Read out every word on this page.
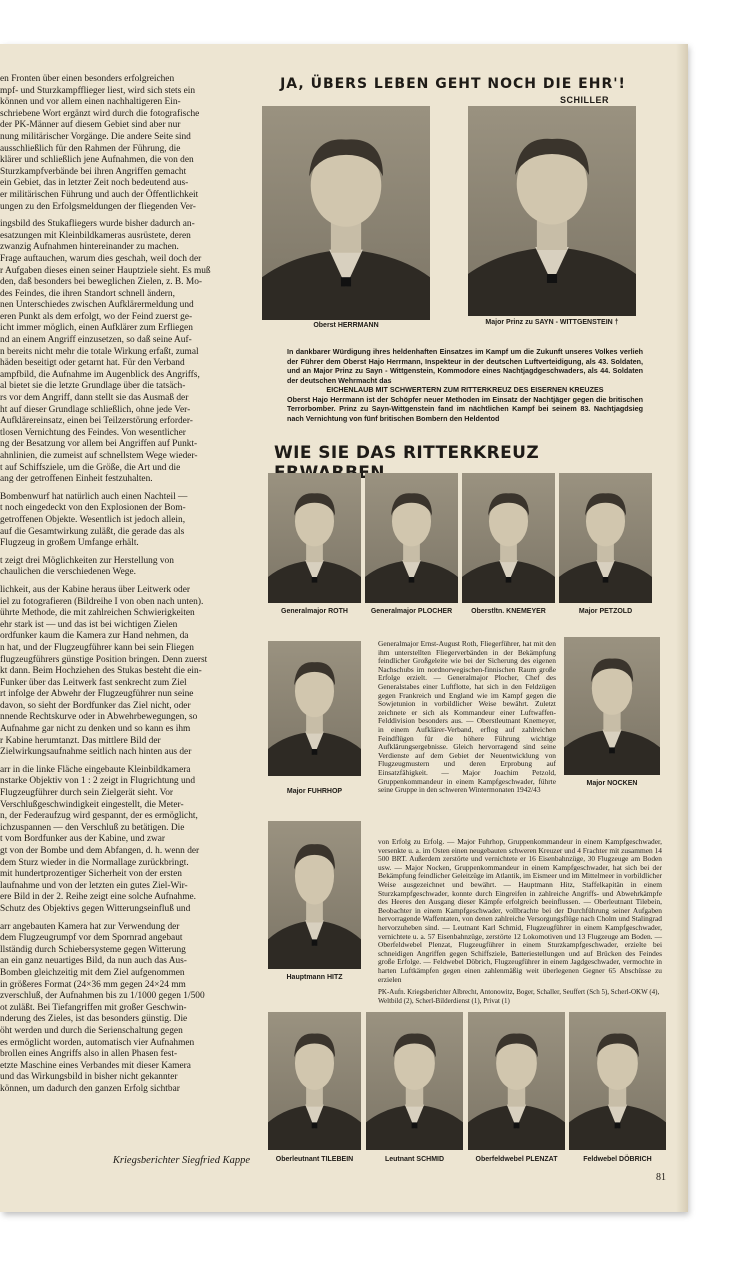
en Fronten über einen besonders erfolgreichen
mpf- und Sturzkampfflieger liest, wird sich stets ein
können und vor allem einen nachhaltigeren Ein-
schriebene Wort ergänzt wird durch die fotografische
der PK-Männer auf diesem Gebiet sind aber nur
nung militärischer Vorgänge. Die andere Seite sind
ausschließlich für den Rahmen der Führung, die
klärer und schließlich jene Aufnahmen, die von den
Sturzkampfverbände bei ihren Angriffen gemacht
ein Gebiet, das in letzter Zeit noch bedeutend aus-
er militärischen Führung und auch der Öffentlichkeit
ungen zu den Erfolgsmeldungen der fliegenden Ver-
ingsbild des Stukafliegers wurde bisher dadurch an-
esatzungen mit Kleinbildkameras ausrüstete, deren
zwanzig Aufnahmen hintereinander zu machen.
Frage auftauchen, warum dies geschah, weil doch der
r Aufgaben dieses einen seiner Hauptziele sieht. Es muß
den, daß besonders bei beweglichen Zielen, z. B. Mo-
des Feindes, die ihren Standort schnell ändern,
nen Unterschiedes zwischen Aufklärermeldung und
eren Punkt als dem erfolgt, wo der Feind zuerst ge-
icht immer möglich, einen Aufklärer zum Erfliegen
nd an einem Angriff einzusetzen, so daß seine Auf-
n bereits nicht mehr die totale Wirkung erfaßt, zumal
häden beseitigt oder getarnt hat. Für den Verband
ampfbild, die Aufnahme im Augenblick des Angriffs,
al bietet sie die letzte Grundlage über die tatsäch-
rs vor dem Angriff, dann stellt sie das Ausmaß der
ht auf dieser Grundlage schließlich, ohne jede Ver-
Aufklärereinsatz, einen bei Teilzerstörung erforder-
tlosen Vernichtung des Feindes. Von wesentlicher
ng der Besatzung vor allem bei Angriffen auf Punkt-
ahnlinien, die zumeist auf schnellstem Wege wieder-
t auf Schiffsziele, um die Größe, die Art und die
ang der getroffenen Einheit festzuhalten.
Bombenwurf hat natürlich auch einen Nachteil —
t noch eingedeckt von den Explosionen der Bom-
getroffenen Objekte. Wesentlich ist jedoch allein,
auf die Gesamtwirkung zuläßt, die gerade das als
Flugzeug in großem Umfange erhält.
t zeigt drei Möglichkeiten zur Herstellung von
chaulichen die verschiedenen Wege.
lichkeit, aus der Kabine heraus über Leitwerk oder
iel zu fotografieren (Bildreihe I von oben nach unten).
ührte Methode, die mit zahlreichen Schwierigkeiten
ehr stark ist — und das ist bei wichtigen Zielen
ordfunker kaum die Kamera zur Hand nehmen, da
n hat, und der Flugzeugführer kann bei sein Fliegen
flugzeugführers günstige Position bringen. Denn zuerst
kt dann. Beim Hochziehen des Stukas besteht die ein-
Funker über das Leitwerk fast senkrecht zum Ziel
rt infolge der Abwehr der Flugzeugführer nun seine
davon, so sieht der Bordfunker das Ziel nicht, oder
nnende Rechtskurve oder in Abwehrbewegungen, so
Aufnahme gar nicht zu denken und so kann es ihm
r Kabine herumtanzt. Das mittlere Bild der
Zielwirkungsaufnahme seitlich nach hinten aus der
arr in die linke Fläche eingebaute Kleinbildkamera
nstarke Objektiv von 1 : 2 zeigt in Flugrichtung und
Flugzeugführer durch sein Zielgerät sieht. Vor
Verschlußgeschwindigkeit eingestellt, die Meter-
n, der Federaufzug wird gespannt, der es ermöglicht,
ichzuspannen — den Verschluß zu betätigen. Die
t vom Bordfunker aus der Kabine, und zwar
gt von der Bombe und dem Abfangen, d. h. wenn der
dem Sturz wieder in die Normallage zurückbringt.
mit hundertprozentiger Sicherheit von der ersten
laufnahme und von der letzten ein gutes Ziel-Wir-
ere Bild in der 2. Reihe zeigt eine solche Aufnahme.
Schutz des Objektivs gegen Witterungseinfluß und
arr angebauten Kamera hat zur Verwendung der
dem Flugzeugrumpf vor dem Spornrad angebaut
llständig durch Schiebersysteme gegen Witterung
an ein ganz neuartiges Bild, da nun auch das Aus-
Bomben gleichzeitig mit dem Ziel aufgenommen
in größeres Format (24×36 mm gegen 24×24 mm
zverschluß, der Aufnahmen bis zu 1/1000 gegen 1/500
ot zuläßt. Bei Tiefangriffen mit großer Geschwin-
nderung des Zieles, ist das besonders günstig. Die
öht werden und durch die Serienschaltung gegen
es ermöglicht worden, automatisch vier Aufnahmen
brollen eines Angriffs also in allen Phasen fest-
etzte Maschine eines Verbandes mit dieser Kamera
und das Wirkungsbild in bisher nicht gekannter
können, um dadurch den ganzen Erfolg sichtbar
Kriegsberichter Siegfried Kappe
JA, ÜBERS LEBEN GEHT NOCH DIE EHR'!
SCHILLER
Oberst HERRMANN	Major Prinz zu SAYN - WITTGENSTEIN †
In dankbarer Würdigung ihres heldenhaften Einsatzes im Kampf um die Zukunft unseres Volkes verlieh der Führer dem Oberst Hajo Herrmann, Inspekteur in der deutschen Luftverteidigung, als 43. Soldaten, und an Major Prinz zu Sayn - Wittgenstein, Kommodore eines Nachtjagdgeschwaders, als 44. Soldaten der deutschen Wehrmacht das
EICHENLAUB MIT SCHWERTERN ZUM RITTERKREUZ DES EISERNEN KREUZES
Oberst Hajo Herrmann ist der Schöpfer neuer Methoden im Einsatz der Nachtjäger gegen die britischen Terrorbomber. Prinz zu Sayn-Wittgenstein fand im nächtlichen Kampf bei seinem 83. Nachtjagdsieg nach Vernichtung von fünf britischen Bombern den Heldentod
WIE SIE DAS RITTERKREUZ
Generalmajor ROTH	Generalmajor PLOCHER	Oberstltn. KNEMEYER	Major PETZOLD
Major FUHRHOP
Major NOCKEN
Hauptmann HITZ
Oberleutnant TILEBEIN	Leutnant SCHMID	Oberfeldwebel PLENZAT	Feldwebel DÖBRICH
Generalmajor Ernst-August Roth, Fliegerführer, hat mit den ihm unterstellten Fliegerverbänden in der Bekämpfung feindlicher Großgeleite wie bei der Sicherung des eigenen Nachschubs im nordnorwegischen-finnischen Raum große Erfolge erzielt. — Generalmajor Plocher, Chef des Generalstabes einer Luftflotte, hat sich in den Feldzügen gegen Frankreich und England wie im Kampf gegen die Sowjetunion in vorbildlicher Weise bewährt. Zuletzt zeichnete er sich als Kommandeur einer Luftwaffen-Felddivision besonders aus. — Oberstleutnant Knemeyer, in einem Aufklärer-Verband, erflog auf zahlreichen Feindflügen für die höhere Führung wichtige Aufklärungsergebnisse. Gleich hervorragend sind seine Verdienste auf dem Gebiet der Neuentwicklung von Flugzeugmustern und deren Erprobung auf Einsatzfähigkeit. — Major Joachim Petzold, Gruppenkommandeur in einem Kampfgeschwader, führte seine Gruppe in den schweren Wintermonaten 1942/43
von Erfolg zu Erfolg. — Major Fuhrhop, Gruppenkommandeur in einem Kampfgeschwader, versenkte u. a. im Osten einen neugebauten schweren Kreuzer und 4 Frachter mit zusammen 14 500 BRT. Außerdem zerstörte und vernichtete er 16 Eisenbahnzüge, 30 Flugzeuge am Boden usw. — Major Nocken, Gruppenkommandeur in einem Kampfgeschwader, hat sich bei der Bekämpfung feindlicher Geleitzüge im Atlantik, im Eismeer und im Mittelmeer in vorbildlicher Weise ausgezeichnet und bewährt. — Hauptmann Hitz, Staffelkapitän in einem Sturzkampfgeschwader, konnte durch Eingreifen in zahlreiche Angriffs- und Abwehrkämpfe des Heeres den Ausgang dieser Kämpfe erfolgreich beeinflussen. — Oberleutnant Tilebein, Beobachter in einem Kampfgeschwader, vollbrachte bei der Durchführung seiner Aufgaben hervorragende Waffentaten, von denen zahlreiche Versorgungsflüge nach Cholm und Stalingrad hervorzuheben sind. — Leutnant Karl Schmid, Flugzeugführer in einem Kampfgeschwader, vernichtete u. a. 57 Eisenbahnzüge, zerstörte 12 Lokomotiven und 13 Flugzeuge am Boden. — Oberfeldwebel Plenzat, Flugzeugführer in einem Sturzkampfgeschwader, erzielte bei schneidigen Angriffen gegen Schiffsziele, Batteriestellungen und auf Brücken des Feindes große Erfolge. — Feldwebel Döbrich, Flugzeugführer in einem Jagdgeschwader, vermochte in harten Luftkämpfen gegen einen zahlenmäßig weit überlegenen Gegner 65 Abschüsse zu erzielen
PK-Aufn. Kriegsberichter Albrecht, Antonowitz, Boger, Schaller, Seuffert (Sch 5), Scherl-OKW (4), Weltbild (2), Scherl-Bilderdienst (1), Privat (1)
81
